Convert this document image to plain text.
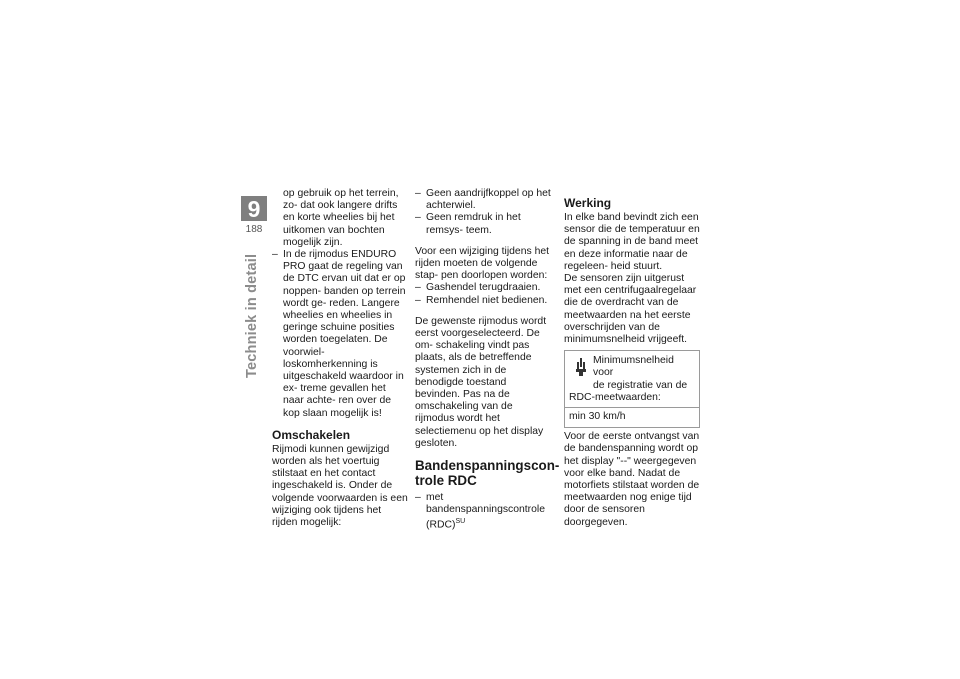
9
188
Techniek in detail

op gebruik op het terrein, zo- dat ook langere drifts en korte wheelies bij het uitkomen van bochten mogelijk zijn.

– In de rijmodus ENDURO PRO gaat de regeling van de DTC ervan uit dat er op noppen- banden op terrein wordt ge- reden. Langere wheelies en wheelies in geringe schuine posities worden toegelaten. De voorwiel-loskomherkenning is uitgeschakeld waardoor in ex- treme gevallen het naar achte- ren over de kop slaan mogelijk is!
Omschakelen

Rijmodi kunnen gewijzigd worden als het voertuig stilstaat en het contact ingeschakeld is. Onder de volgende voorwaarden is een wijziging ook tijdens het rijden mogelijk:

– Geen aandrijfkoppel op het achterwiel.
– Geen remdruk in het remsys- teem.

Voor een wijziging tijdens het rijden moeten de volgende stap- pen doorlopen worden:

– Gashendel terugdraaien.
– Remhendel niet bedienen.

De gewenste rijmodus wordt eerst voorgeselecteerd. De om- schakeling vindt pas plaats, als de betreffende systemen zich in de benodigde toestand bevinden. Pas na de omschakeling van de rijmodus wordt het selectiemenu op het display gesloten.

Bandenspanningscon- trole RDC
– met bandenspanningscontrole (RDC)$^{SU}$
Werking

In elke band bevindt zich een sensor die de temperatuur en de spanning in de band meet en deze informatie naar de regeleen- heid stuurt.

De sensoren zijn uitgerust met een centrifugaalregelaar die de overdracht van de meetwaarden na het eerste overschrijden van de minimumsnelheid vrijgeeft.

Minimumsnelheid voor
de registratie van de
RDC-meetwaarden:
min 30 km/h

Voor de eerste ontvangst van de bandenspanning wordt op het display "--" weergegeven voor elke band. Nadat de motorfiets stilstaat worden de meetwaarden nog enige tijd door de sensoren doorgegeven.
